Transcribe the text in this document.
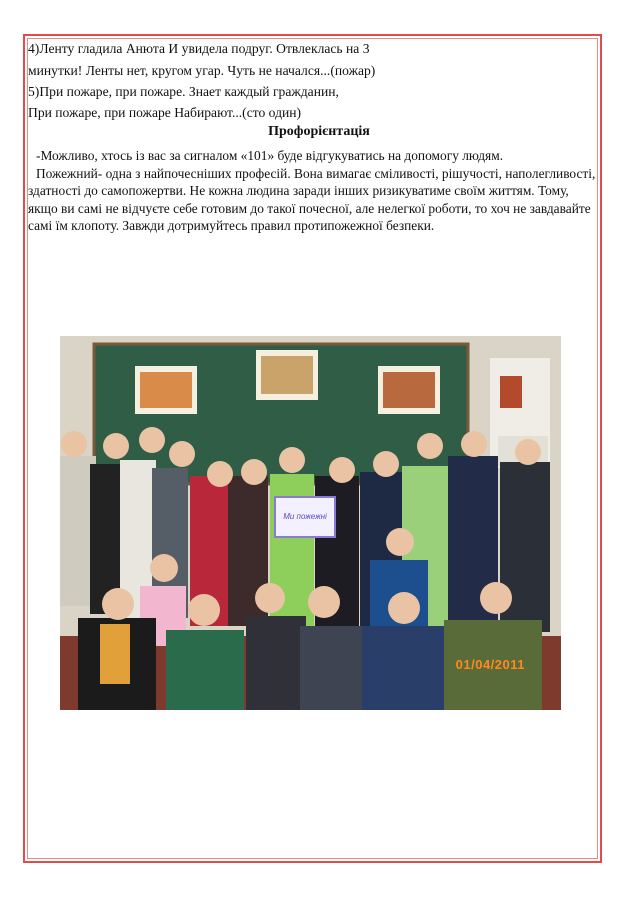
4)Ленту гладила Анюта И увидела подруг. Отвлеклась на 3
минутки! Ленты нет, кругом угар. Чуть не начался...(пожар)
5)При пожаре, при пожаре. Знает каждый гражданин,
При пожаре, при пожаре Набирают...(сто один)
Профорієнтація

-Можливо, хтось із вас за сигналом «101» буде відгукуватись на допомогу людям.

Пожежний- одна з найпочесніших професій. Вона вимагає сміливості, рішучості, наполегливості, здатності до самопожертви. Не кожна людина заради інших ризикуватиме своїм життям. Тому, якщо ви самі не відчуєте себе готовим до такої почесної, але нелегкої роботи, то хоч не завдавайте самі їм клопоту. Завжди дотримуйтесь правил протипожежної безпеки.

Ми пожежні
01/04/2011
